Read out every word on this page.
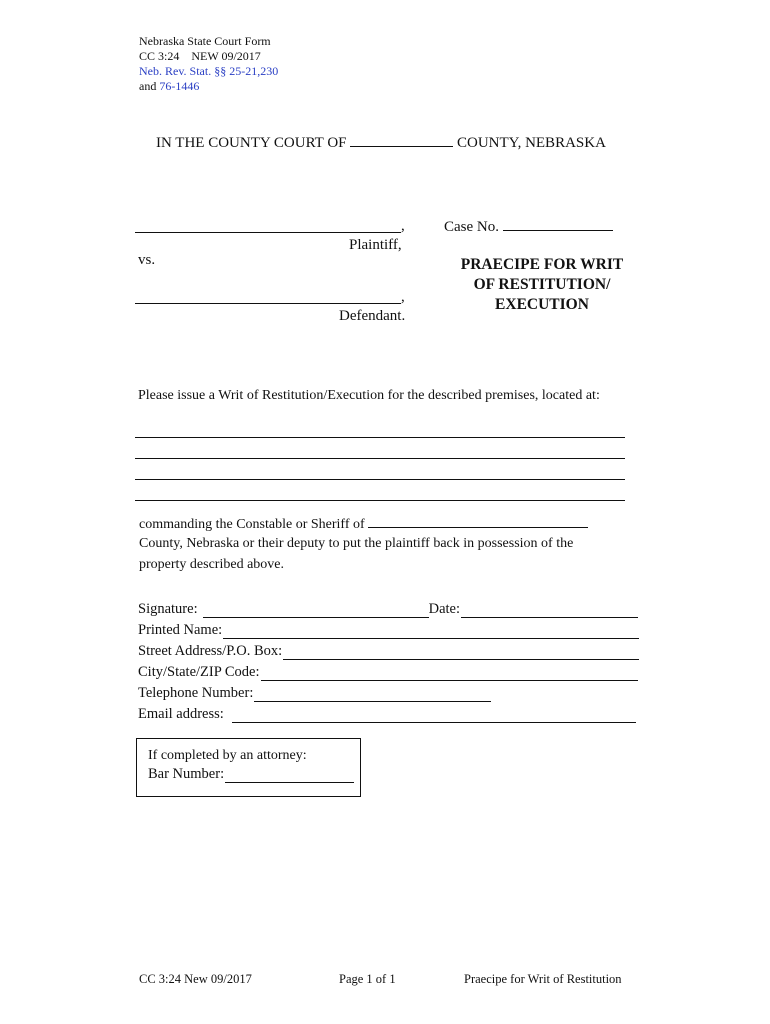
Nebraska State Court Form
CC 3:24    NEW 09/2017
Neb. Rev. Stat. §§ 25-21,230
and 76-1446
IN THE COUNTY COURT OF	COUNTY, NEBRASKA
,
Plaintiff,
vs.
,
Defendant.
Case No.
PRAECIPE FOR WRIT
OF RESTITUTION/
EXECUTION
Please issue a Writ of Restitution/Execution for the described premises, located at:
commanding the Constable or Sheriff of
County, Nebraska or their deputy to put the plaintiff back in possession of the
property described above.
Signature:	Date:
Printed Name:
Street Address/P.O. Box:
City/State/ZIP Code:
Telephone Number:
Email address:
If completed by an attorney:
Bar Number:
CC 3:24 New 09/2017	Page 1 of 1	Praecipe for Writ of Restitution
